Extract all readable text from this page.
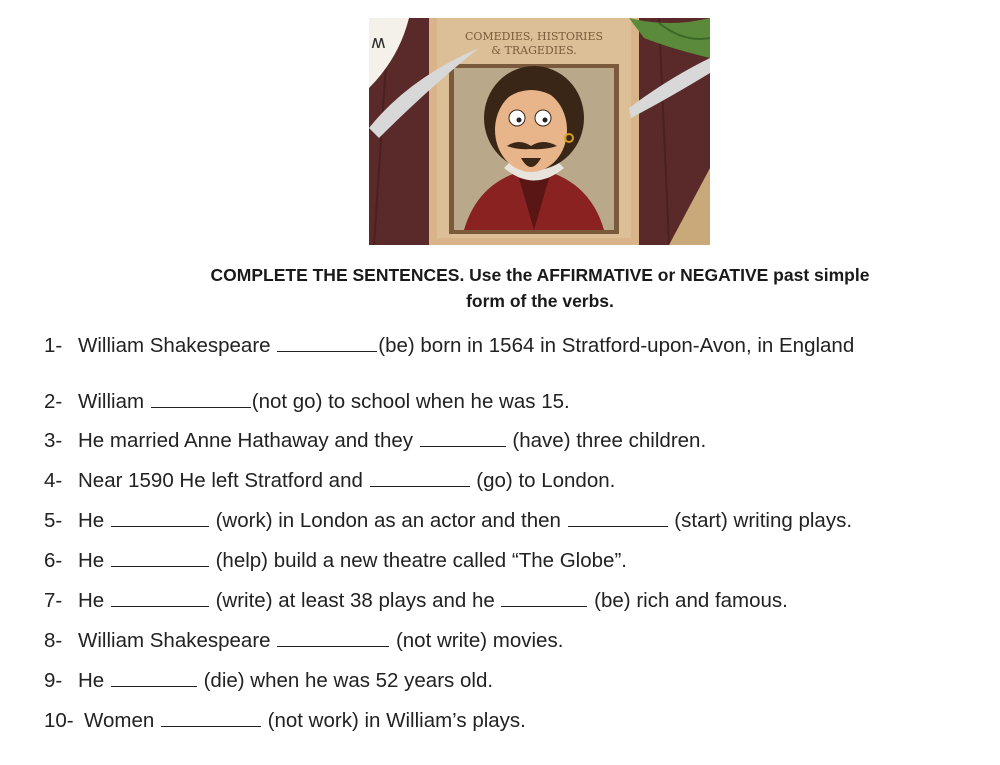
ʍ	COMEDIES, HISTORIES
& TRAGEDIES.
COMPLETE THE SENTENCES. Use the AFFIRMATIVE or NEGATIVE past simple
form of the verbs.
1- William Shakespeare	(be) born in 1564 in Stratford-upon-Avon, in England
2- William	(not go) to school when he was 15.
3- He married Anne Hathaway and they	(have) three children.
4- Near 1590 He left Stratford and	(go) to London.
5- He	(work) in London as an actor and then	(start) writing plays.
6- He	(help) build a new theatre called “The Globe”.
7- He	(write) at least 38 plays and he	(be) rich and famous.
8- William Shakespeare	(not write) movies.
9- He	(die) when he was 52 years old.
10- Women	(not work) in William’s plays.
